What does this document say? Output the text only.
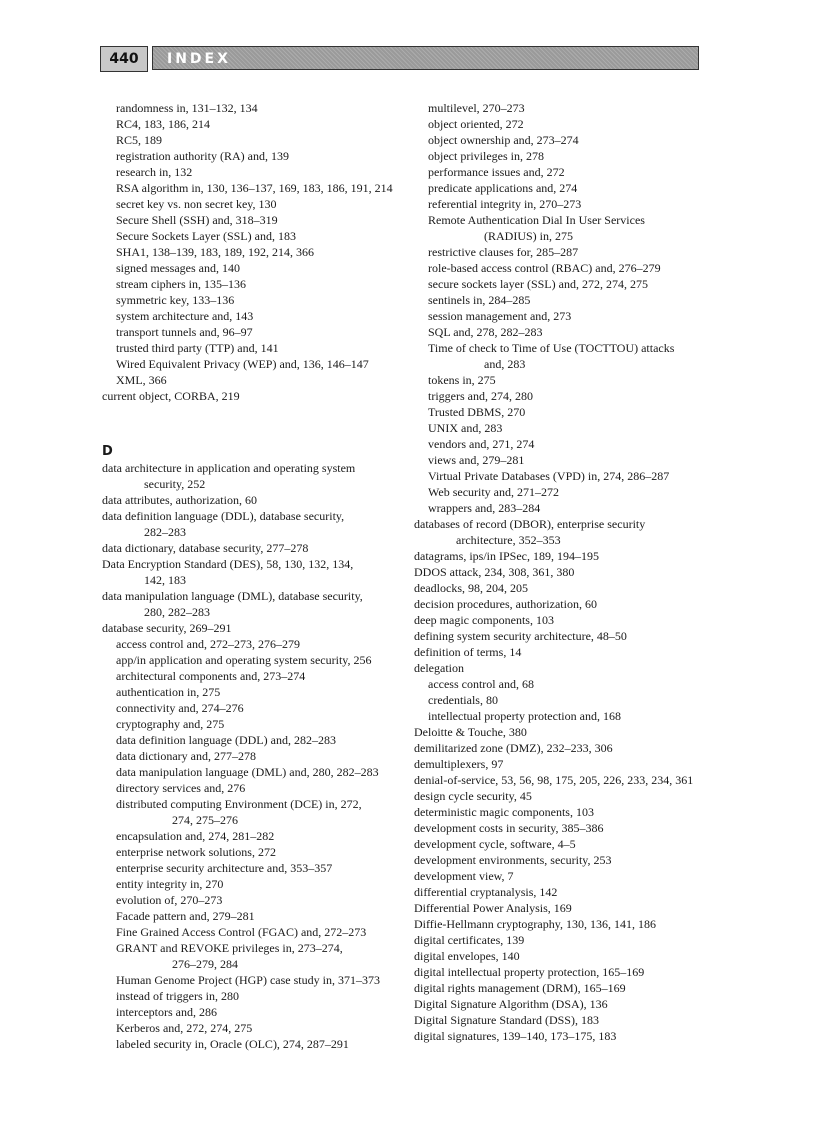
440	INDEX
randomness in, 131–132, 134
RC4, 183, 186, 214
RC5, 189
registration authority (RA) and, 139
research in, 132
RSA algorithm in, 130, 136–137, 169, 183, 186, 191, 214
secret key vs. non secret key, 130
Secure Shell (SSH) and, 318–319
Secure Sockets Layer (SSL) and, 183
SHA1, 138–139, 183, 189, 192, 214, 366
signed messages and, 140
stream ciphers in, 135–136
symmetric key, 133–136
system architecture and, 143
transport tunnels and, 96–97
trusted third party (TTP) and, 141
Wired Equivalent Privacy (WEP) and, 136, 146–147
XML, 366
current object, CORBA, 219
D
data architecture in application and operating system
security, 252
data attributes, authorization, 60
data definition language (DDL), database security,
282–283
data dictionary, database security, 277–278
Data Encryption Standard (DES), 58, 130, 132, 134,
142, 183
data manipulation language (DML), database security,
280, 282–283
database security, 269–291
access control and, 272–273, 276–279
app/in application and operating system security, 256
architectural components and, 273–274
authentication in, 275
connectivity and, 274–276
cryptography and, 275
data definition language (DDL) and, 282–283
data dictionary and, 277–278
data manipulation language (DML) and, 280, 282–283
directory services and, 276
distributed computing Environment (DCE) in, 272,
274, 275–276
encapsulation and, 274, 281–282
enterprise network solutions, 272
enterprise security architecture and, 353–357
entity integrity in, 270
evolution of, 270–273
Facade pattern and, 279–281
Fine Grained Access Control (FGAC) and, 272–273
GRANT and REVOKE privileges in, 273–274,
276–279, 284
Human Genome Project (HGP) case study in, 371–373
instead of triggers in, 280
interceptors and, 286
Kerberos and, 272, 274, 275
labeled security in, Oracle (OLC), 274, 287–291
multilevel, 270–273
object oriented, 272
object ownership and, 273–274
object privileges in, 278
performance issues and, 272
predicate applications and, 274
referential integrity in, 270–273
Remote Authentication Dial In User Services
(RADIUS) in, 275
restrictive clauses for, 285–287
role-based access control (RBAC) and, 276–279
secure sockets layer (SSL) and, 272, 274, 275
sentinels in, 284–285
session management and, 273
SQL and, 278, 282–283
Time of check to Time of Use (TOCTTOU) attacks
and, 283
tokens in, 275
triggers and, 274, 280
Trusted DBMS, 270
UNIX and, 283
vendors and, 271, 274
views and, 279–281
Virtual Private Databases (VPD) in, 274, 286–287
Web security and, 271–272
wrappers and, 283–284
databases of record (DBOR), enterprise security
architecture, 352–353
datagrams, ips/in IPSec, 189, 194–195
DDOS attack, 234, 308, 361, 380
deadlocks, 98, 204, 205
decision procedures, authorization, 60
deep magic components, 103
defining system security architecture, 48–50
definition of terms, 14
delegation
access control and, 68
credentials, 80
intellectual property protection and, 168
Deloitte & Touche, 380
demilitarized zone (DMZ), 232–233, 306
demultiplexers, 97
denial-of-service, 53, 56, 98, 175, 205, 226, 233, 234, 361
design cycle security, 45
deterministic magic components, 103
development costs in security, 385–386
development cycle, software, 4–5
development environments, security, 253
development view, 7
differential cryptanalysis, 142
Differential Power Analysis, 169
Diffie-Hellmann cryptography, 130, 136, 141, 186
digital certificates, 139
digital envelopes, 140
digital intellectual property protection, 165–169
digital rights management (DRM), 165–169
Digital Signature Algorithm (DSA), 136
Digital Signature Standard (DSS), 183
digital signatures, 139–140, 173–175, 183
